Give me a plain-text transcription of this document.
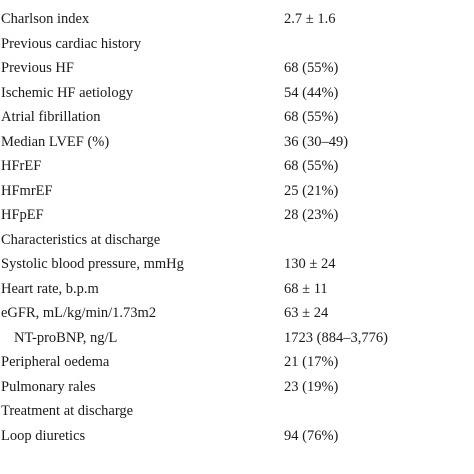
Charlson index	2.7 ± 1.6
Previous cardiac history
Previous HF	68 (55%)
Ischemic HF aetiology	54 (44%)
Atrial fibrillation	68 (55%)
Median LVEF (%)	36 (30–49)
HFrEF	68 (55%)
HFmrEF	25 (21%)
HFpEF	28 (23%)
Characteristics at discharge
Systolic blood pressure, mmHg	130 ± 24
Heart rate, b.p.m	68 ± 11
eGFR, mL/kg/min/1.73m2	63 ± 24
NT-proBNP, ng/L	1723 (884–3,776)
Peripheral oedema	21 (17%)
Pulmonary rales	23 (19%)
Treatment at discharge
Loop diuretics	94 (76%)
